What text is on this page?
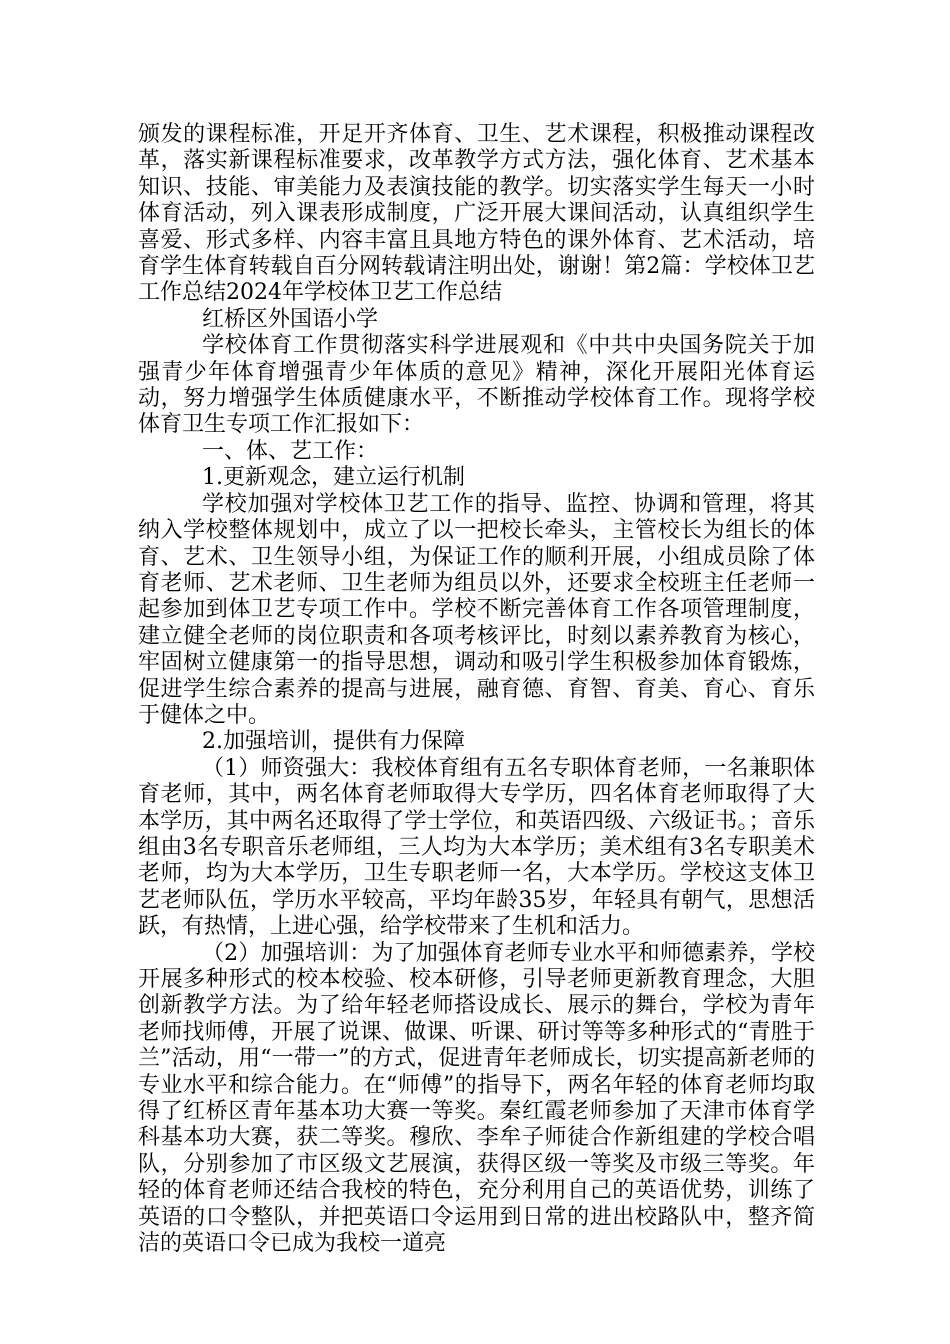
颁发的课程标准，开足开齐体育、卫生、艺术课程，积极推动课程改革，落实新课程标准要求，改革教学方式方法，强化体育、艺术基本知识、技能、审美能力及表演技能的教学。切实落实学生每天一小时体育活动，列入课表形成制度，广泛开展大课间活动，认真组织学生喜爱、形式多样、内容丰富且具地方特色的课外体育、艺术活动，培育学生体育转载自百分网转载请注明出处，谢谢！第2篇：学校体卫艺工作总结2024年学校体卫艺工作总结

红桥区外国语小学

学校体育工作贯彻落实科学进展观和《中共中央国务院关于加强青少年体育增强青少年体质的意见》精神，深化开展阳光体育运动，努力增强学生体质健康水平，不断推动学校体育工作。现将学校体育卫生专项工作汇报如下：

一、体、艺工作：

1.更新观念，建立运行机制

学校加强对学校体卫艺工作的指导、监控、协调和管理，将其纳入学校整体规划中，成立了以一把校长牵头，主管校长为组长的体育、艺术、卫生领导小组，为保证工作的顺利开展，小组成员除了体育老师、艺术老师、卫生老师为组员以外，还要求全校班主任老师一起参加到体卫艺专项工作中。学校不断完善体育工作各项管理制度，建立健全老师的岗位职责和各项考核评比，时刻以素养教育为核心，牢固树立健康第一的指导思想，调动和吸引学生积极参加体育锻炼，促进学生综合素养的提高与进展，融育德、育智、育美、育心、育乐于健体之中。

2.加强培训，提供有力保障

（1）师资强大：我校体育组有五名专职体育老师，一名兼职体育老师，其中，两名体育老师取得大专学历，四名体育老师取得了大本学历，其中两名还取得了学士学位，和英语四级、六级证书。；音乐组由3名专职音乐老师组，三人均为大本学历；美术组有3名专职美术老师，均为大本学历，卫生专职老师一名，大本学历。学校这支体卫艺老师队伍，学历水平较高，平均年龄35岁，年轻具有朝气，思想活跃，有热情，上进心强，给学校带来了生机和活力。

（2）加强培训：为了加强体育老师专业水平和师德素养，学校开展多种形式的校本校验、校本研修，引导老师更新教育理念，大胆创新教学方法。为了给年轻老师搭设成长、展示的舞台，学校为青年老师找师傅，开展了说课、做课、听课、研讨等等多种形式的“青胜于兰”活动，用“一带一”的方式，促进青年老师成长，切实提高新老师的专业水平和综合能力。在“师傅”的指导下，两名年轻的体育老师均取得了红桥区青年基本功大赛一等奖。秦红霞老师参加了天津市体育学科基本功大赛，获二等奖。穆欣、李牟子师徒合作新组建的学校合唱队，分别参加了市区级文艺展演，获得区级一等奖及市级三等奖。年轻的体育老师还结合我校的特色，充分利用自己的英语优势，训练了英语的口令整队，并把英语口令运用到日常的进出校路队中，整齐简洁的英语口令已成为我校一道亮
